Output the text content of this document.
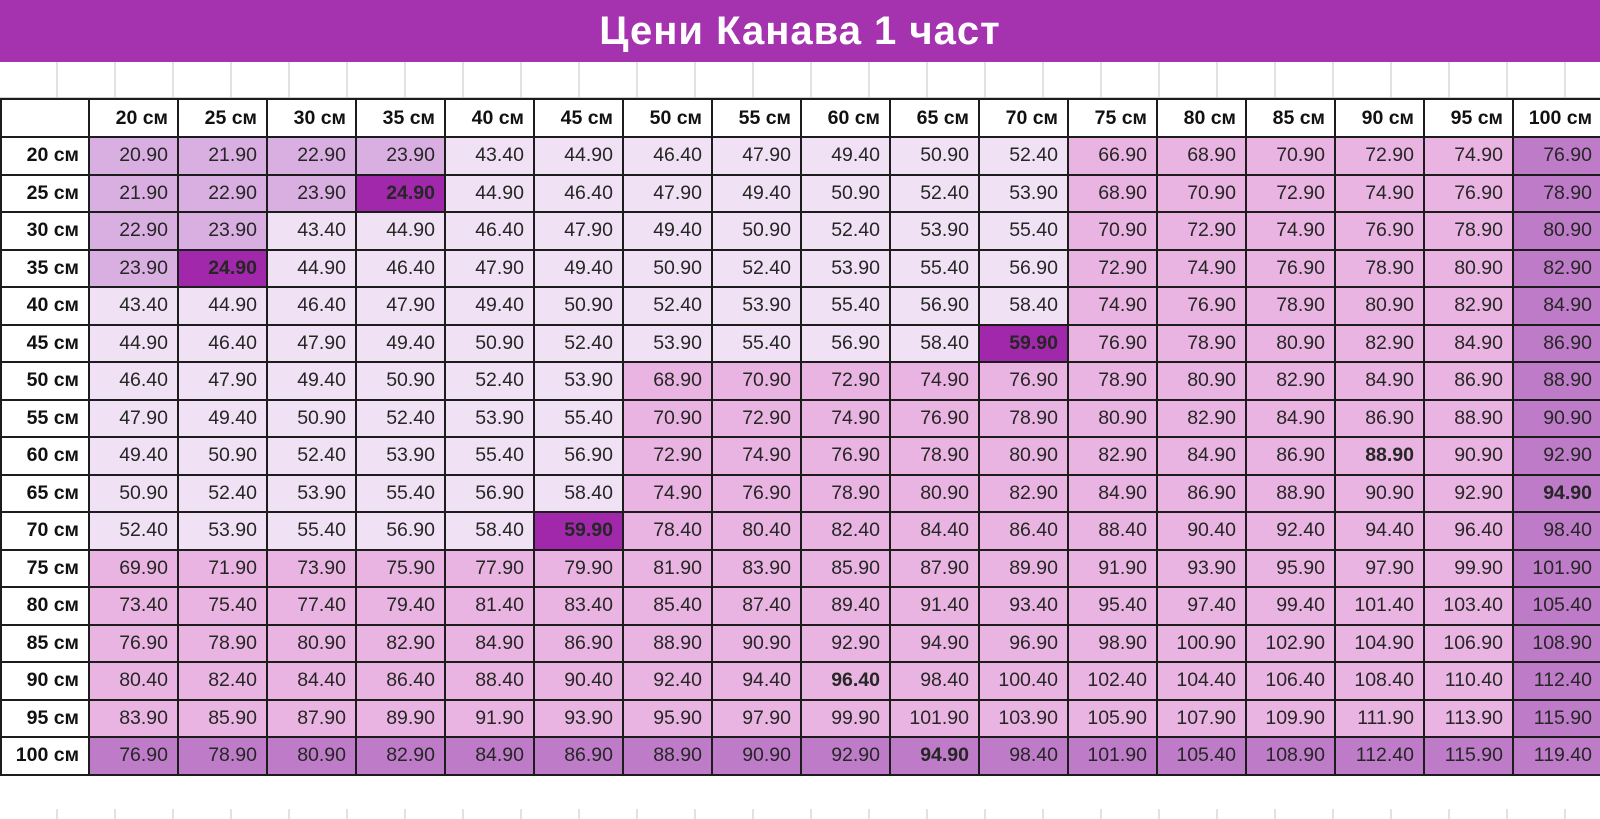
Цени Канава 1 част
	20 см	25 см	30 см	35 см	40 см	45 см	50 см	55 см	60 см	65 см	70 см	75 см	80 см	85 см	90 см	95 см	100 см
20 см	20.90	21.90	22.90	23.90	43.40	44.90	46.40	47.90	49.40	50.90	52.40	66.90	68.90	70.90	72.90	74.90	76.90
25 см	21.90	22.90	23.90	24.90	44.90	46.40	47.90	49.40	50.90	52.40	53.90	68.90	70.90	72.90	74.90	76.90	78.90
30 см	22.90	23.90	43.40	44.90	46.40	47.90	49.40	50.90	52.40	53.90	55.40	70.90	72.90	74.90	76.90	78.90	80.90
35 см	23.90	24.90	44.90	46.40	47.90	49.40	50.90	52.40	53.90	55.40	56.90	72.90	74.90	76.90	78.90	80.90	82.90
40 см	43.40	44.90	46.40	47.90	49.40	50.90	52.40	53.90	55.40	56.90	58.40	74.90	76.90	78.90	80.90	82.90	84.90
45 см	44.90	46.40	47.90	49.40	50.90	52.40	53.90	55.40	56.90	58.40	59.90	76.90	78.90	80.90	82.90	84.90	86.90
50 см	46.40	47.90	49.40	50.90	52.40	53.90	68.90	70.90	72.90	74.90	76.90	78.90	80.90	82.90	84.90	86.90	88.90
55 см	47.90	49.40	50.90	52.40	53.90	55.40	70.90	72.90	74.90	76.90	78.90	80.90	82.90	84.90	86.90	88.90	90.90
60 см	49.40	50.90	52.40	53.90	55.40	56.90	72.90	74.90	76.90	78.90	80.90	82.90	84.90	86.90	88.90	90.90	92.90
65 см	50.90	52.40	53.90	55.40	56.90	58.40	74.90	76.90	78.90	80.90	82.90	84.90	86.90	88.90	90.90	92.90	94.90
70 см	52.40	53.90	55.40	56.90	58.40	59.90	78.40	80.40	82.40	84.40	86.40	88.40	90.40	92.40	94.40	96.40	98.40
75 см	69.90	71.90	73.90	75.90	77.90	79.90	81.90	83.90	85.90	87.90	89.90	91.90	93.90	95.90	97.90	99.90	101.90
80 см	73.40	75.40	77.40	79.40	81.40	83.40	85.40	87.40	89.40	91.40	93.40	95.40	97.40	99.40	101.40	103.40	105.40
85 см	76.90	78.90	80.90	82.90	84.90	86.90	88.90	90.90	92.90	94.90	96.90	98.90	100.90	102.90	104.90	106.90	108.90
90 см	80.40	82.40	84.40	86.40	88.40	90.40	92.40	94.40	96.40	98.40	100.40	102.40	104.40	106.40	108.40	110.40	112.40
95 см	83.90	85.90	87.90	89.90	91.90	93.90	95.90	97.90	99.90	101.90	103.90	105.90	107.90	109.90	111.90	113.90	115.90
100 см	76.90	78.90	80.90	82.90	84.90	86.90	88.90	90.90	92.90	94.90	98.40	101.90	105.40	108.90	112.40	115.90	119.40
